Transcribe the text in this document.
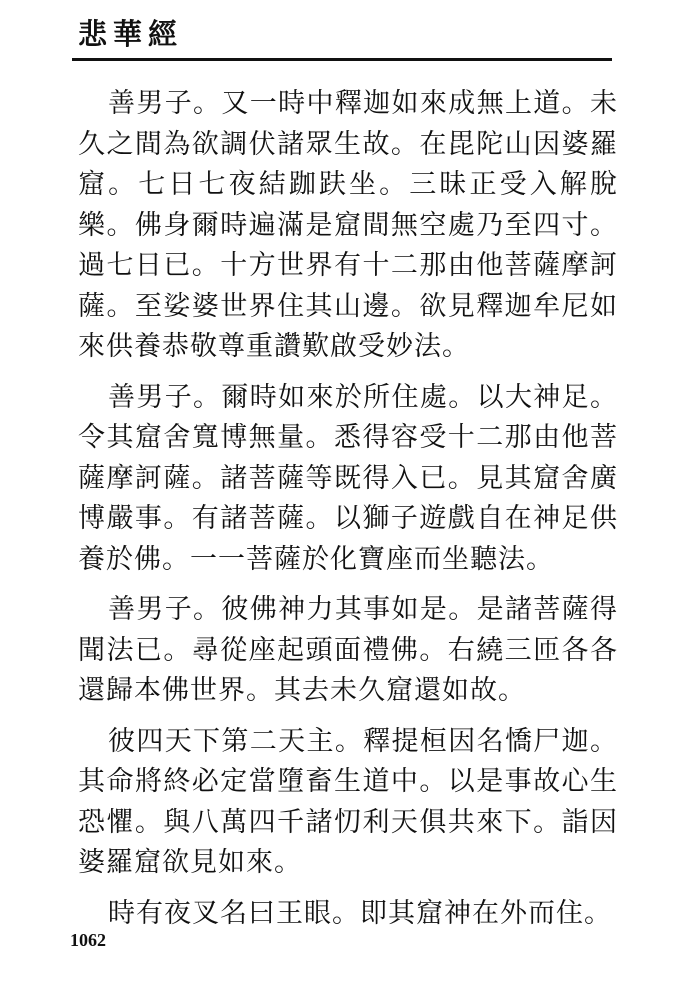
悲華經

善男子。又一時中釋迦如來成無上道。未久之間為欲調伏諸眾生故。在毘陀山因婆羅窟。七日七夜結跏趺坐。三昧正受入解脫樂。佛身爾時遍滿是窟間無空處乃至四寸。過七日已。十方世界有十二那由他菩薩摩訶薩。至娑婆世界住其山邊。欲見釋迦牟尼如來供養恭敬尊重讚歎啟受妙法。

善男子。爾時如來於所住處。以大神足。令其窟舍寬博無量。悉得容受十二那由他菩薩摩訶薩。諸菩薩等既得入已。見其窟舍廣博嚴事。有諸菩薩。以獅子遊戲自在神足供養於佛。一一菩薩於化寶座而坐聽法。

善男子。彼佛神力其事如是。是諸菩薩得聞法已。尋從座起頭面禮佛。右繞三匝各各還歸本佛世界。其去未久窟還如故。

彼四天下第二天主。釋提桓因名憍尸迦。其命將終必定當墮畜生道中。以是事故心生恐懼。與八萬四千諸忉利天俱共來下。詣因婆羅窟欲見如來。

時有夜叉名曰王眼。即其窟神在外而住。

1062
